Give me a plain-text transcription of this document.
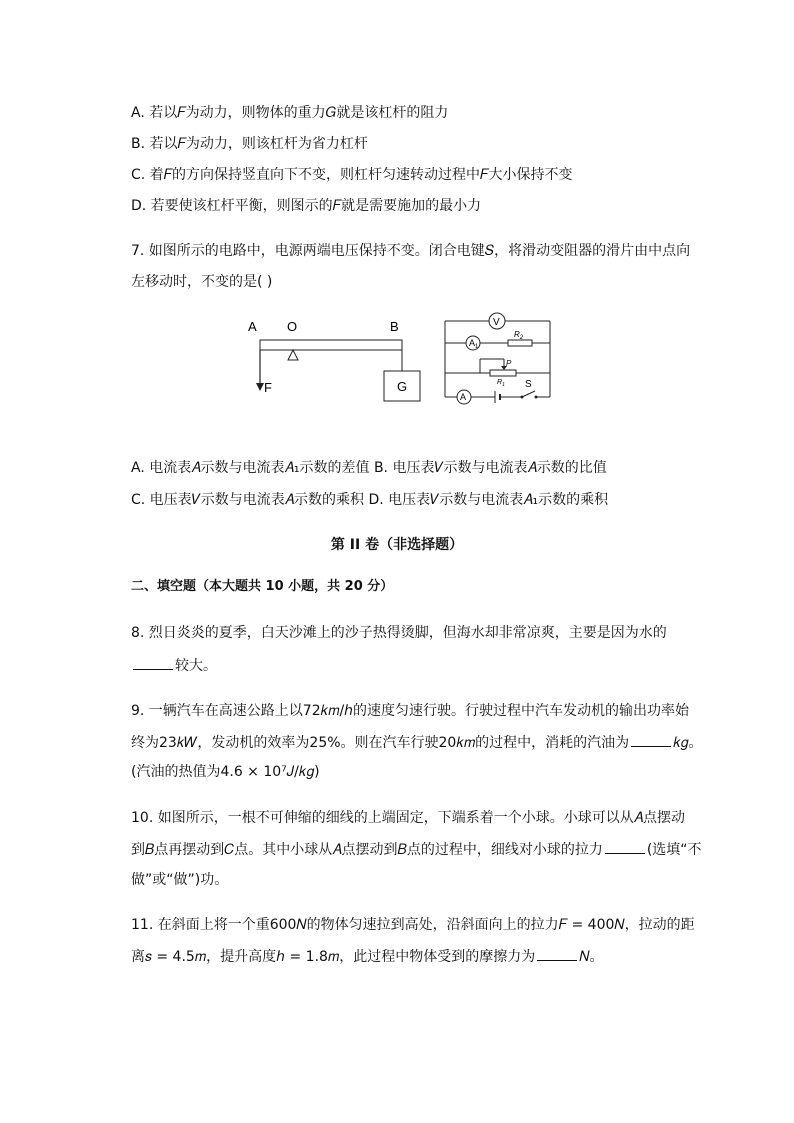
A. 若以𝐹为动力，则物体的重力𝐺就是该杠杆的阻力
B. 若以𝐹为动力，则该杠杆为省力杠杆
C. 着𝐹的方向保持竖直向下不变，则杠杆匀速转动过程中𝐹大小保持不变
D. 若要使该杠杆平衡，则图示的𝐹就是需要施加的最小力
7. 如图所示的电路中，电源两端电压保持不变。闭合电键𝑆，将滑动变阻器的滑片由中点向
左移动时，不变的是( )
A O	B
F	G
V
$A_1$
$R_2$
P
$R_1$
A
S
A. 电流表𝐴示数与电流表𝐴₁示数的差值 B. 电压表𝑉示数与电流表𝐴示数的比值
C. 电压表𝑉示数与电流表𝐴示数的乘积 D. 电压表𝑉示数与电流表𝐴₁示数的乘积
第 II 卷（非选择题）
二、填空题（本大题共 10 小题，共 20 分）
8. 烈日炎炎的夏季，白天沙滩上的沙子热得烫脚，但海水却非常凉爽，主要是因为水的
较大。
9. 一辆汽车在高速公路上以72𝑘𝑚/ℎ的速度匀速行驶。行驶过程中汽车发动机的输出功率始
终为23𝑘𝑊，发动机的效率为25%。则在汽车行驶20𝑘𝑚的过程中，消耗的汽油为	𝑘𝑔。
(汽油的热值为4.6 × 10⁷𝐽/𝑘𝑔)
10. 如图所示，一根不可伸缩的细线的上端固定，下端系着一个小球。小球可以从𝐴点摆动
到𝐵点再摆动到𝐶点。其中小球从𝐴点摆动到𝐵点的过程中，细线对小球的拉力	(选填“不
做”或“做”)功。
11. 在斜面上将一个重600𝑁的物体匀速拉到高处，沿斜面向上的拉力𝐹 = 400𝑁，拉动的距
离𝑠 = 4.5𝑚，提升高度ℎ = 1.8𝑚，此过程中物体受到的摩擦力为	𝑁。
